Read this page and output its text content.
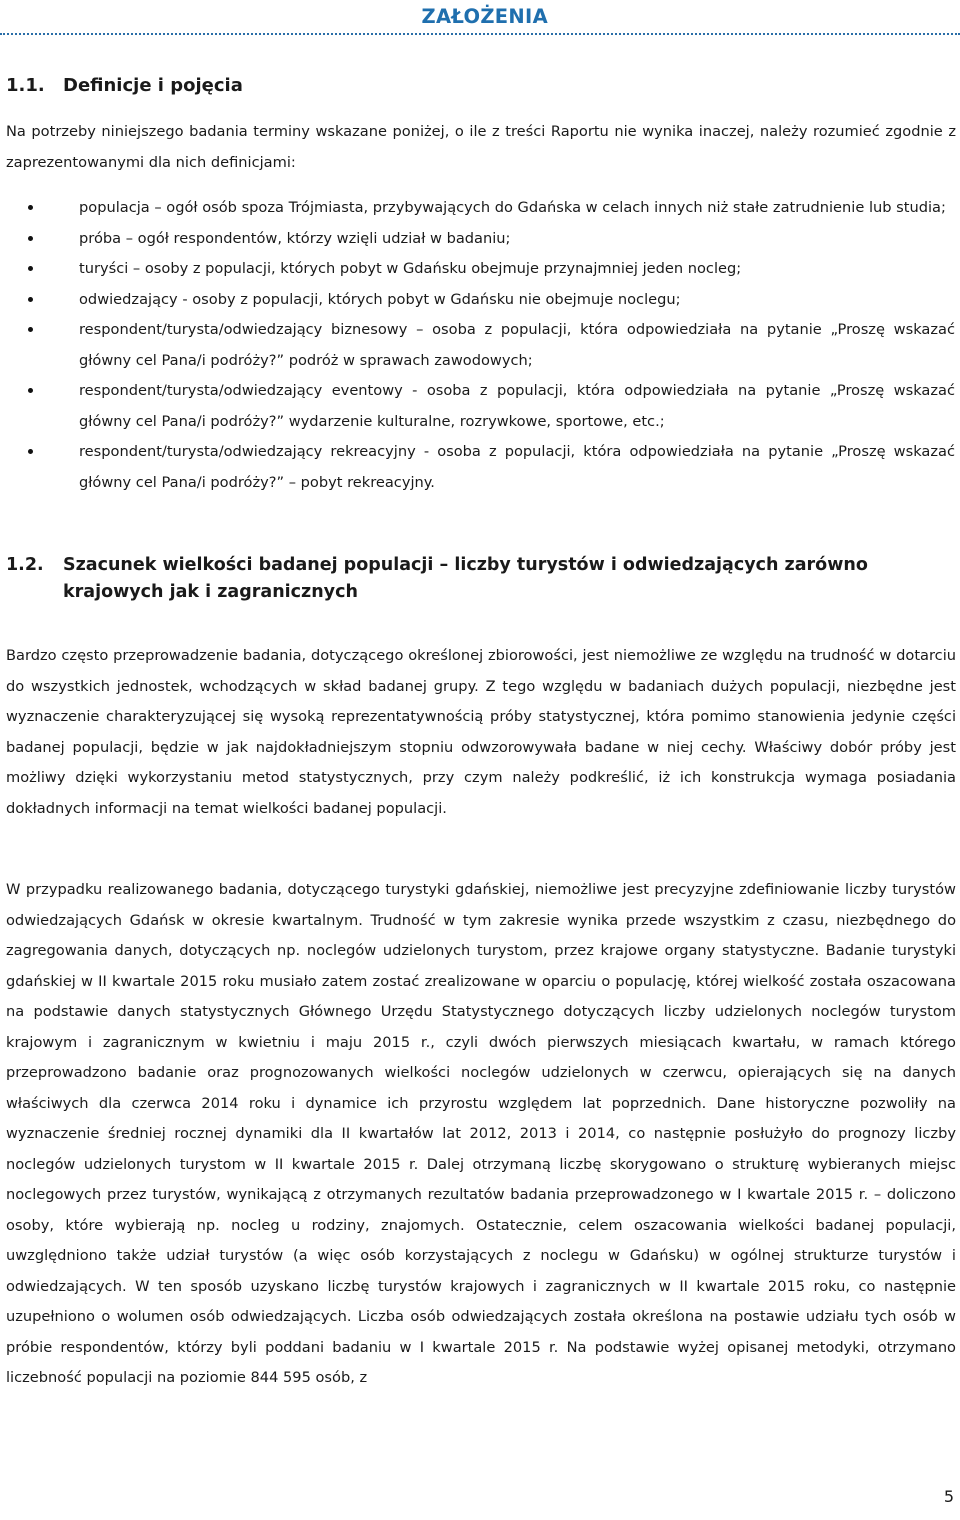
ZAŁOŻENIA
1.1. Definicje i pojęcia

Na potrzeby niniejszego badania terminy wskazane poniżej, o ile z treści Raportu nie wynika inaczej, należy rozumieć zgodnie z zaprezentowanymi dla nich definicjami:

populacja – ogół osób spoza Trójmiasta, przybywających do Gdańska w celach innych niż stałe zatrudnienie lub studia;
próba – ogół respondentów, którzy wzięli udział w badaniu;
turyści – osoby z populacji, których pobyt w Gdańsku obejmuje przynajmniej jeden nocleg;
odwiedzający - osoby z populacji, których pobyt w Gdańsku nie obejmuje noclegu;
respondent/turysta/odwiedzający biznesowy – osoba z populacji, która odpowiedziała na pytanie „Proszę wskazać główny cel Pana/i podróży?” podróż w sprawach zawodowych;
respondent/turysta/odwiedzający eventowy - osoba z populacji, która odpowiedziała na pytanie „Proszę wskazać główny cel Pana/i podróży?” wydarzenie kulturalne, rozrywkowe, sportowe, etc.;
respondent/turysta/odwiedzający rekreacyjny - osoba z populacji, która odpowiedziała na pytanie „Proszę wskazać główny cel Pana/i podróży?” – pobyt rekreacyjny.
1.2.	Szacunek wielkości badanej populacji – liczby turystów i odwiedzających zarówno
krajowych jak i zagranicznych

Bardzo często przeprowadzenie badania, dotyczącego określonej zbiorowości, jest niemożliwe ze względu na trudność w dotarciu do wszystkich jednostek, wchodzących w skład badanej grupy. Z tego względu w badaniach dużych populacji, niezbędne jest wyznaczenie charakteryzującej się wysoką reprezentatywnością próby statystycznej, która pomimo stanowienia jedynie części badanej populacji, będzie w jak najdokładniejszym stopniu odwzorowywała badane w niej cechy. Właściwy dobór próby jest możliwy dzięki wykorzystaniu metod statystycznych, przy czym należy podkreślić, iż ich konstrukcja wymaga posiadania dokładnych informacji na temat wielkości badanej populacji.

W przypadku realizowanego badania, dotyczącego turystyki gdańskiej, niemożliwe jest precyzyjne zdefiniowanie liczby turystów odwiedzających Gdańsk w okresie kwartalnym. Trudność w tym zakresie wynika przede wszystkim z czasu, niezbędnego do zagregowania danych, dotyczących np. noclegów udzielonych turystom, przez krajowe organy statystyczne. Badanie turystyki gdańskiej w II kwartale 2015 roku musiało zatem zostać zrealizowane w oparciu o populację, której wielkość została oszacowana na podstawie danych statystycznych Głównego Urzędu Statystycznego dotyczących liczby udzielonych noclegów turystom krajowym i zagranicznym w kwietniu i maju 2015 r., czyli dwóch pierwszych miesiącach kwartału, w ramach którego przeprowadzono badanie oraz prognozowanych wielkości noclegów udzielonych w czerwcu, opierających się na danych właściwych dla czerwca 2014 roku i dynamice ich przyrostu względem lat poprzednich. Dane historyczne pozwoliły na wyznaczenie średniej rocznej dynamiki dla II kwartałów lat 2012, 2013 i 2014, co następnie posłużyło do prognozy liczby noclegów udzielonych turystom w II kwartale 2015 r. Dalej otrzymaną liczbę skorygowano o strukturę wybieranych miejsc noclegowych przez turystów, wynikającą z otrzymanych rezultatów badania przeprowadzonego w I kwartale 2015 r. – doliczono osoby, które wybierają np. nocleg u rodziny, znajomych. Ostatecznie, celem oszacowania wielkości badanej populacji, uwzględniono także udział turystów (a więc osób korzystających z noclegu w Gdańsku) w ogólnej strukturze turystów i odwiedzających. W ten sposób uzyskano liczbę turystów krajowych i zagranicznych w II kwartale 2015 roku, co następnie uzupełniono o wolumen osób odwiedzających. Liczba osób odwiedzających została określona na postawie udziału tych osób w próbie respondentów, którzy byli poddani badaniu w I kwartale 2015 r. Na podstawie wyżej opisanej metodyki, otrzymano liczebność populacji na poziomie 844 595 osób, z

5
